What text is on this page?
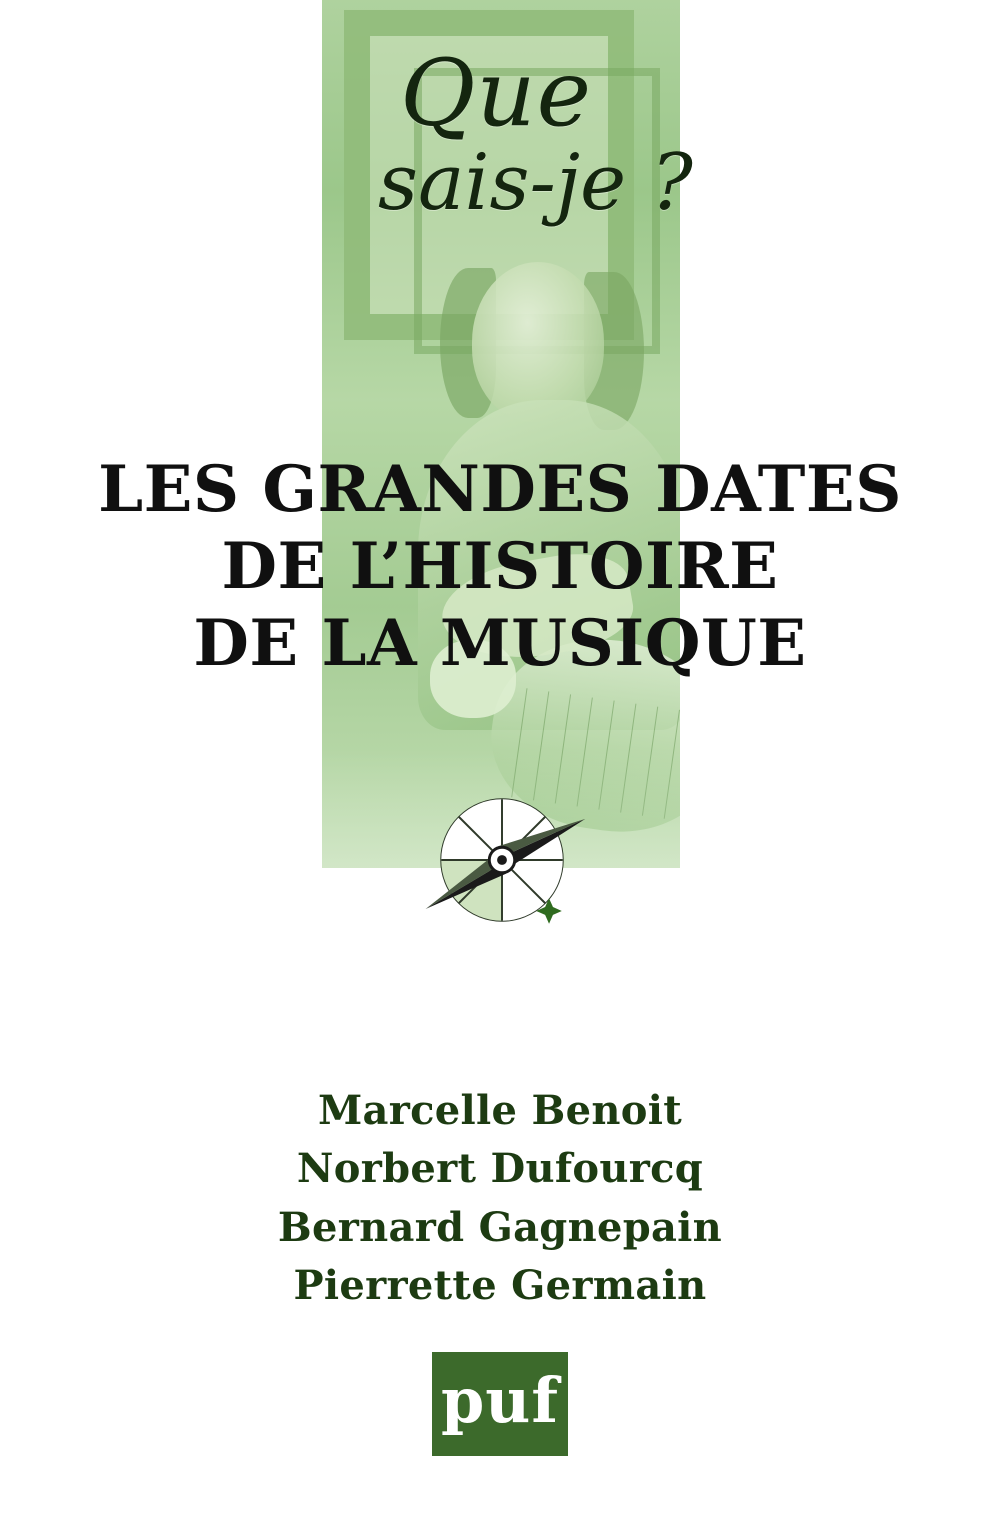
Que
sais-je ?
LES GRANDES DATES
DE L’HISTOIRE
DE LA MUSIQUE
Marcelle Benoit
Norbert Dufourcq
Bernard Gagnepain
Pierrette Germain
puf
